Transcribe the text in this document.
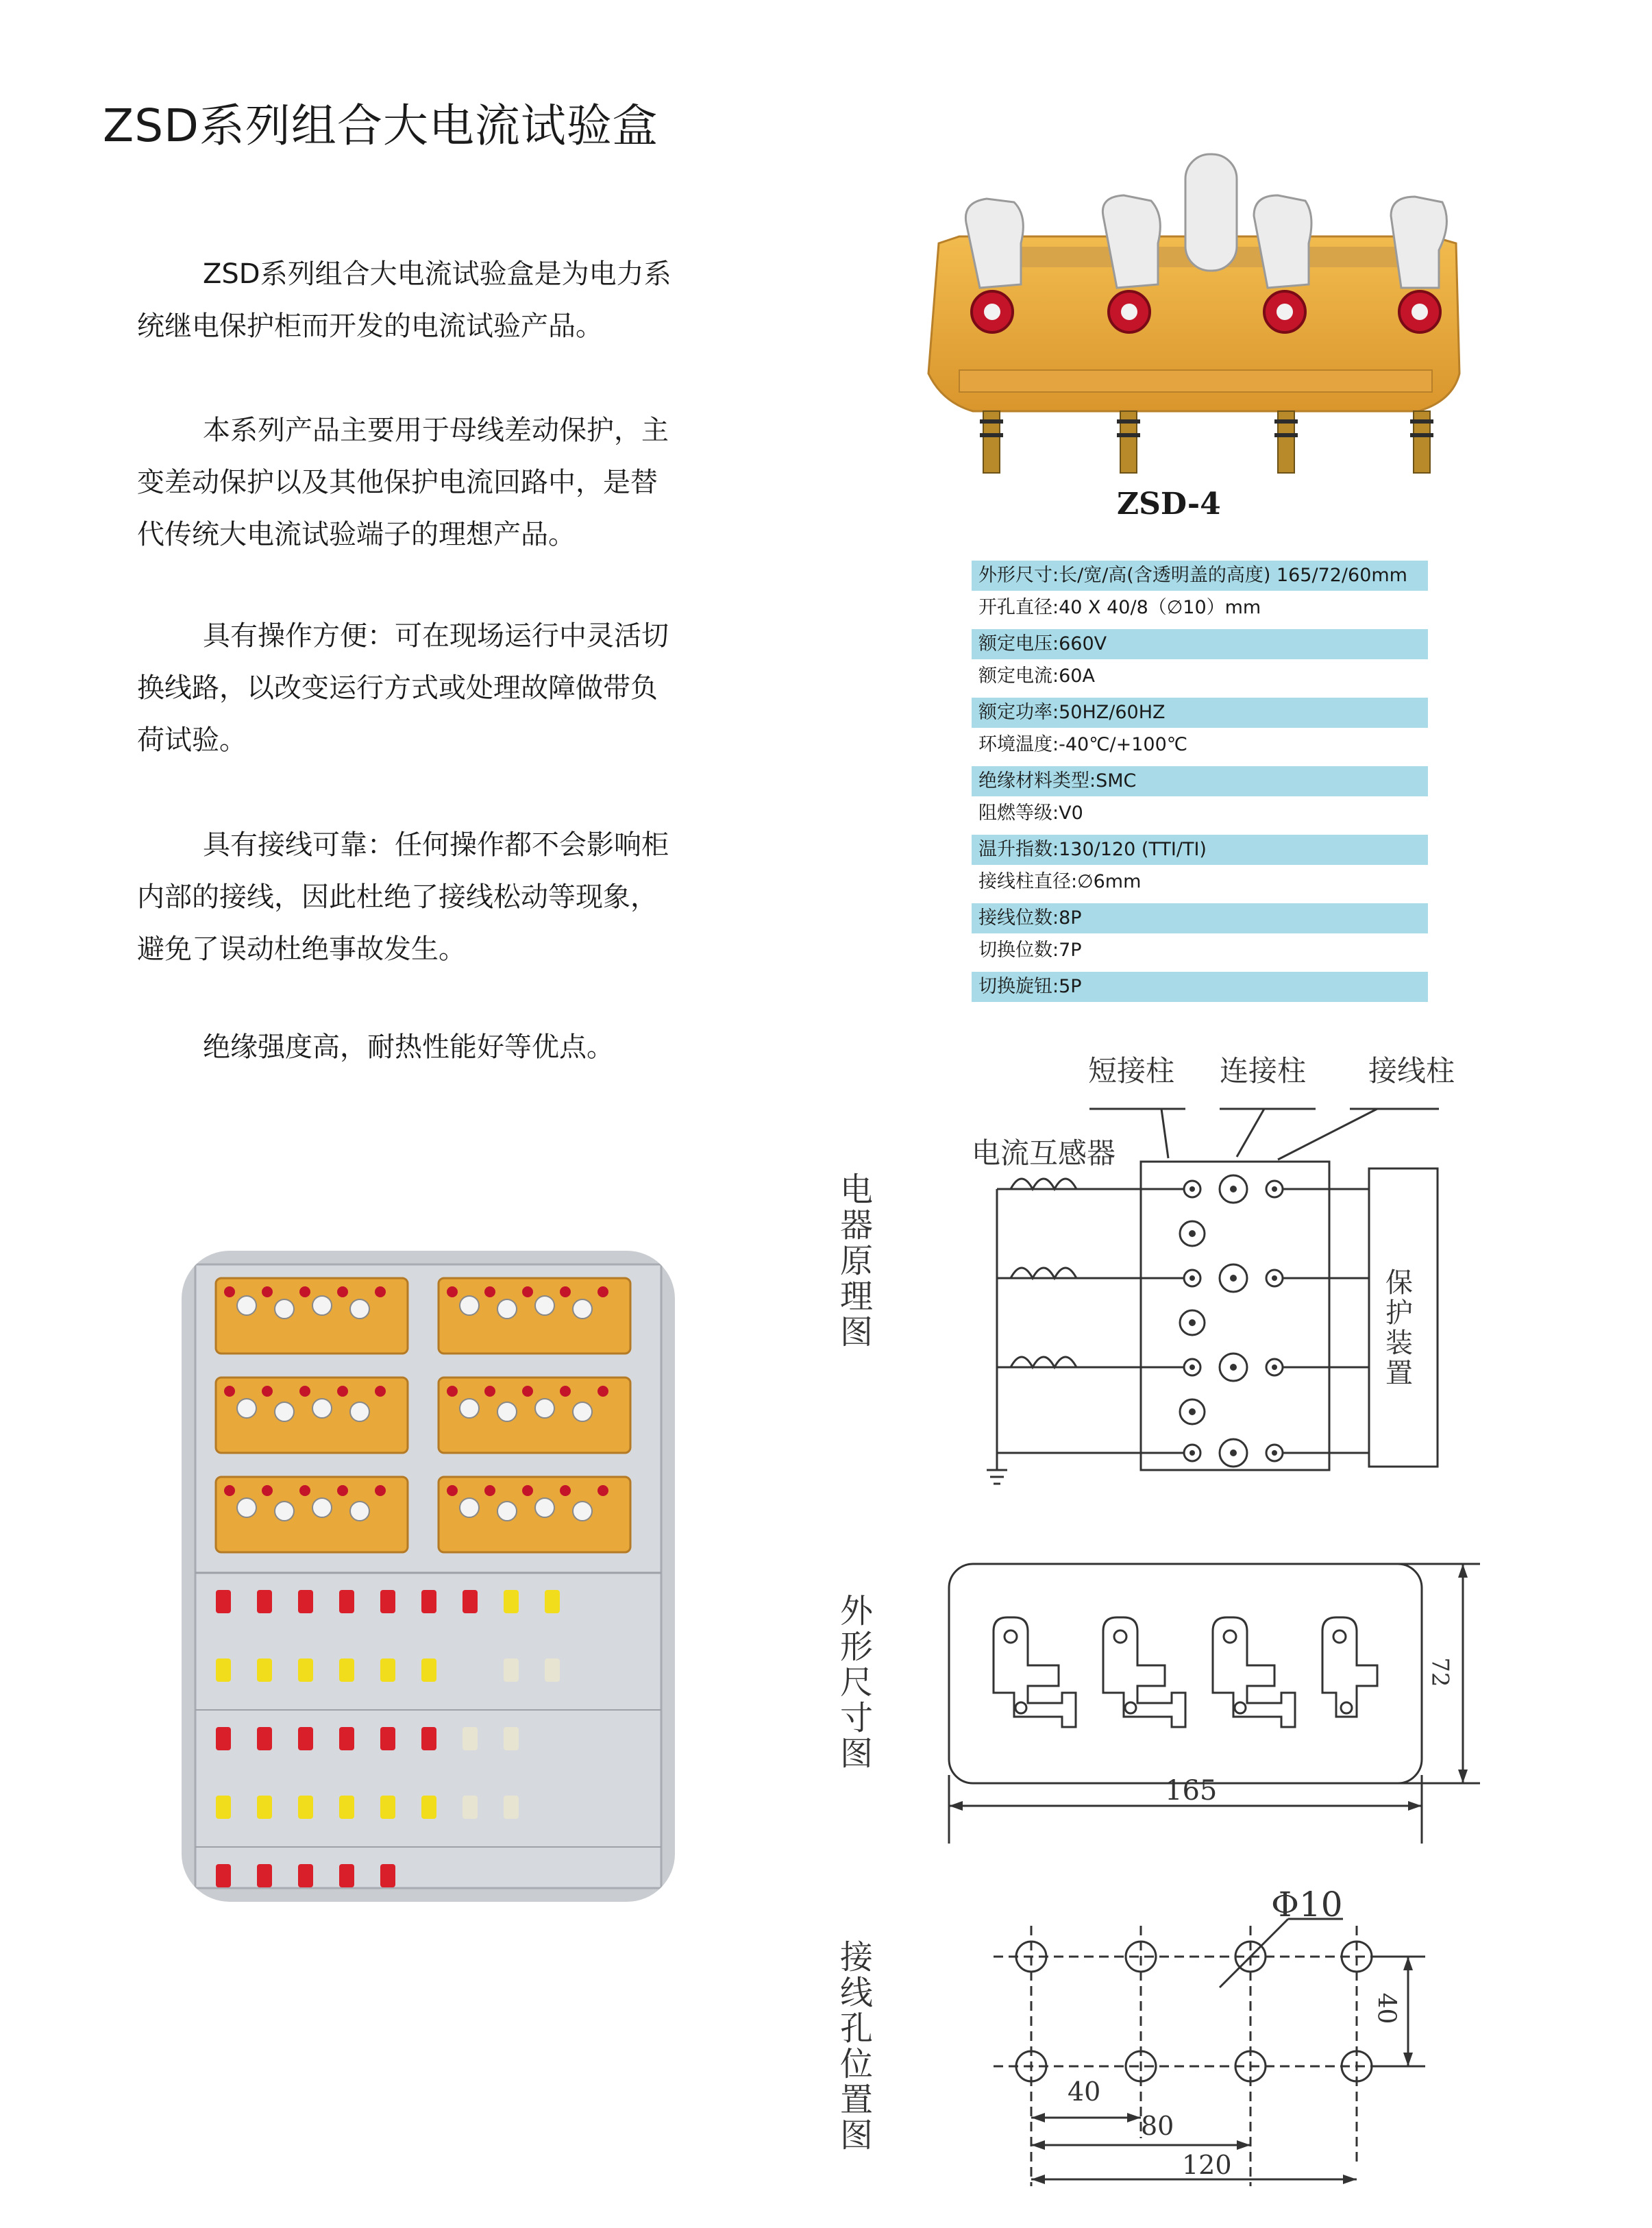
ZSD系列组合大电流试验盒

ZSD系列组合大电流试验盒是为电力系统继电保护柜而开发的电流试验产品。

本系列产品主要用于母线差动保护，主变差动保护以及其他保护电流回路中，是替代传统大电流试验端子的理想产品。

具有操作方便：可在现场运行中灵活切换线路，以改变运行方式或处理故障做带负荷试验。

具有接线可靠：任何操作都不会影响柜内部的接线，因此杜绝了接线松动等现象，避免了误动杜绝事故发生。

绝缘强度高，耐热性能好等优点。

ZSD-4
外形尺寸:长/宽/高(含透明盖的高度) 165/72/60mm
开孔直径:40 X 40/8（∅10）mm
额定电压:660V
额定电流:60A
额定功率:50HZ/60HZ
环境温度:-40℃/+100℃
绝缘材料类型:SMC
阻燃等级:V0
温升指数:130/120 (TTI/TI)
接线柱直径:∅6mm
接线位数:8P
切换位数:7P
切换旋钮:5P
电器原理图
短接柱 连接柱 接线柱
电流互感器
保护装置
外形尺寸图
165
72
接线孔位置图
Φ10
40
40
80
120
